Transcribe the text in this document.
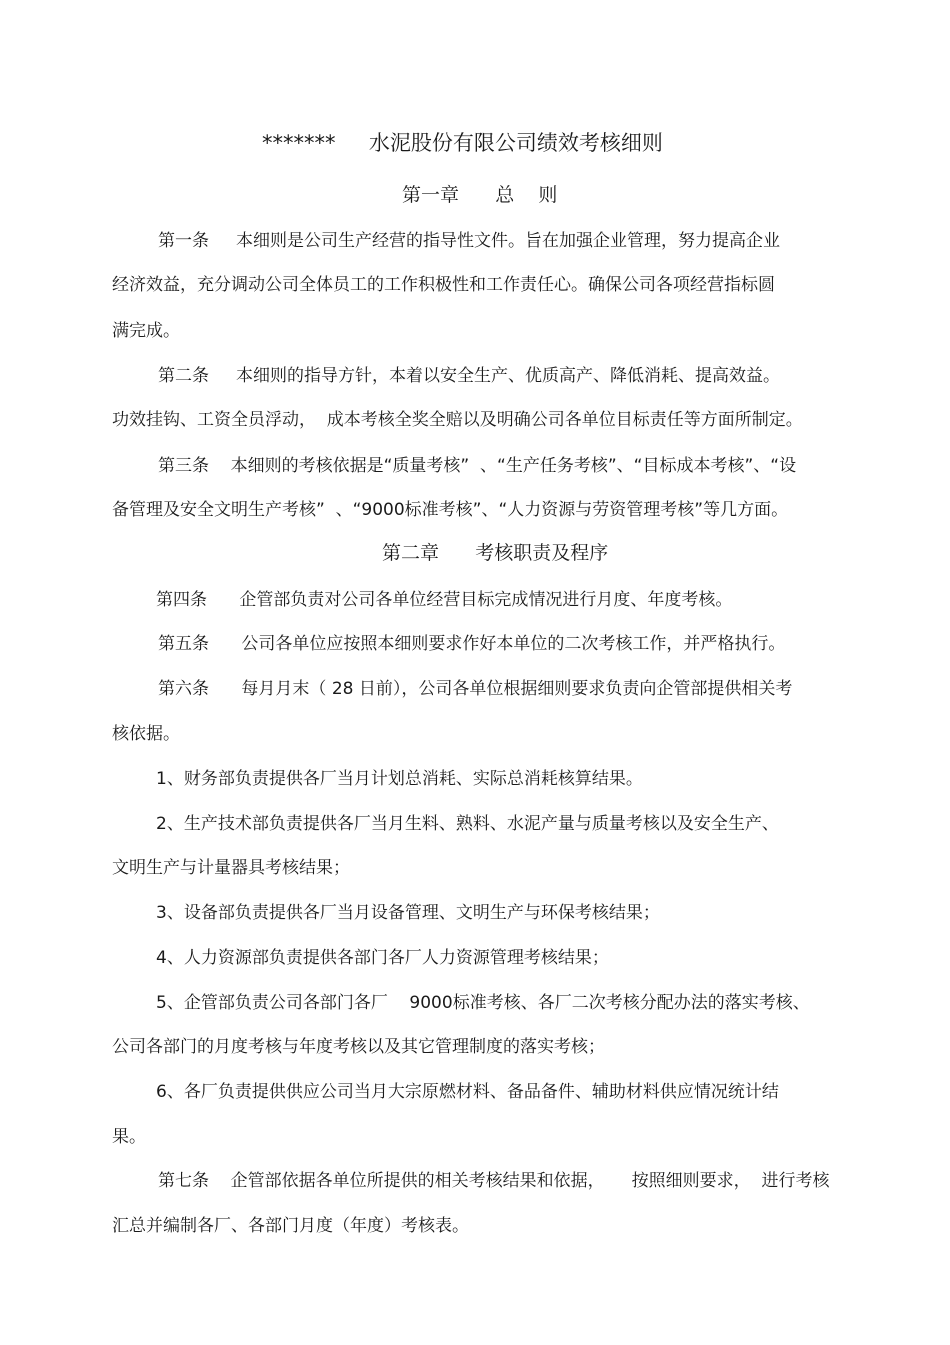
*******     水泥股份有限公司绩效考核细则
第一章      总    则
第一条     本细则是公司生产经营的指导性文件。旨在加强企业管理，努力提高企业
经济效益，充分调动公司全体员工的工作积极性和工作责任心。确保公司各项经营指标圆
满完成。
第二条     本细则的指导方针，本着以安全生产、优质高产、降低消耗、提高效益。
功效挂钩、工资全员浮动，  成本考核全奖全赔以及明确公司各单位目标责任等方面所制定。
第三条    本细则的考核依据是“质量考核”  、“生产任务考核”、“目标成本考核”、“设
备管理及安全文明生产考核”  、“9000标准考核”、“人力资源与劳资管理考核”等几方面。
第二章      考核职责及程序
第四条      企管部负责对公司各单位经营目标完成情况进行月度、年度考核。
第五条      公司各单位应按照本细则要求作好本单位的二次考核工作，并严格执行。
第六条      每月月末（ 28 日前），公司各单位根据细则要求负责向企管部提供相关考
核依据。
1、财务部负责提供各厂当月计划总消耗、实际总消耗核算结果。
2、生产技术部负责提供各厂当月生料、熟料、水泥产量与质量考核以及安全生产、
文明生产与计量器具考核结果；
3、设备部负责提供各厂当月设备管理、文明生产与环保考核结果；
4、人力资源部负责提供各部门各厂人力资源管理考核结果；
5、企管部负责公司各部门各厂    9000标准考核、各厂二次考核分配办法的落实考核、
公司各部门的月度考核与年度考核以及其它管理制度的落实考核；
6、各厂负责提供供应公司当月大宗原燃材料、备品备件、辅助材料供应情况统计结
果。
第七条    企管部依据各单位所提供的相关考核结果和依据，     按照细则要求，  进行考核
汇总并编制各厂、各部门月度（年度）考核表。
